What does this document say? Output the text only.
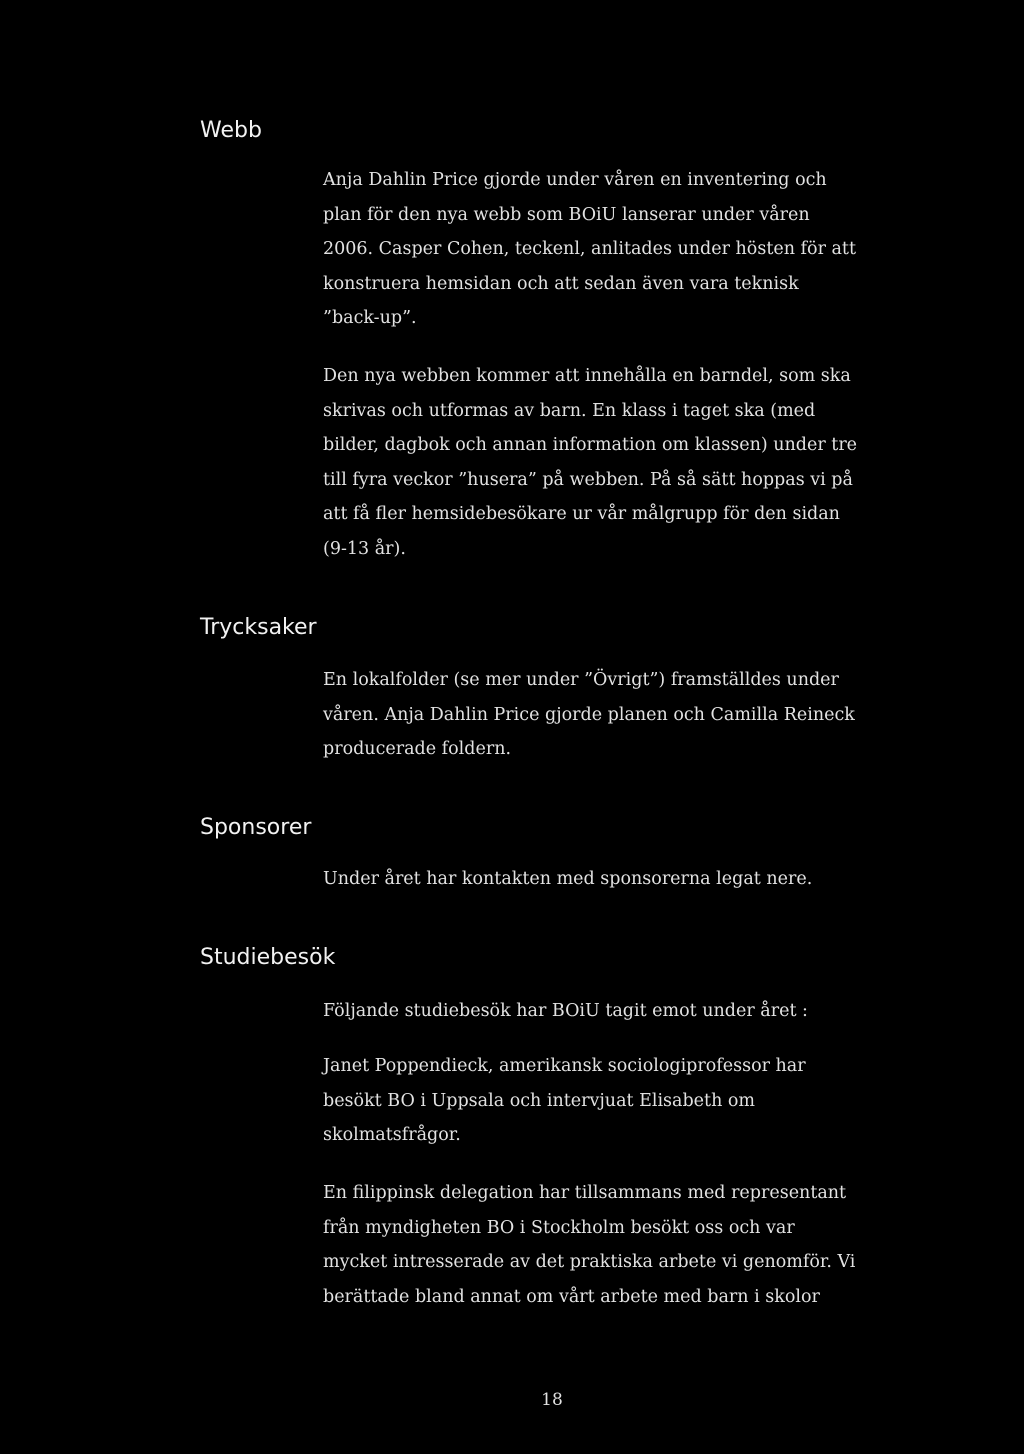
Webb

Anja Dahlin Price gjorde under våren en inventering och
plan för den nya webb som BOiU lanserar under våren
2006. Casper Cohen, teckenl, anlitades under hösten för att
konstruera hemsidan och att sedan även vara teknisk
”back-up”.

Den nya webben kommer att innehålla en barndel, som ska
skrivas och utformas av barn. En klass i taget ska (med
bilder, dagbok och annan information om klassen) under tre
till fyra veckor ”husera” på webben. På så sätt hoppas vi på
att få fler hemsidebesökare ur vår målgrupp för den sidan
(9-13 år).

Trycksaker

En lokalfolder (se mer under ”Övrigt”) framställdes under
våren. Anja Dahlin Price gjorde planen och Camilla Reineck
producerade foldern.

Sponsorer

Under året har kontakten med sponsorerna legat nere.

Studiebesök

Följande studiebesök har BOiU tagit emot under året :

Janet Poppendieck, amerikansk sociologiprofessor har
besökt BO i Uppsala och intervjuat Elisabeth om
skolmatsfrågor.

En filippinsk delegation har tillsammans med representant
från myndigheten BO i Stockholm besökt oss och var
mycket intresserade av det praktiska arbete vi genomför. Vi
berättade bland annat om vårt arbete med barn i skolor

18
